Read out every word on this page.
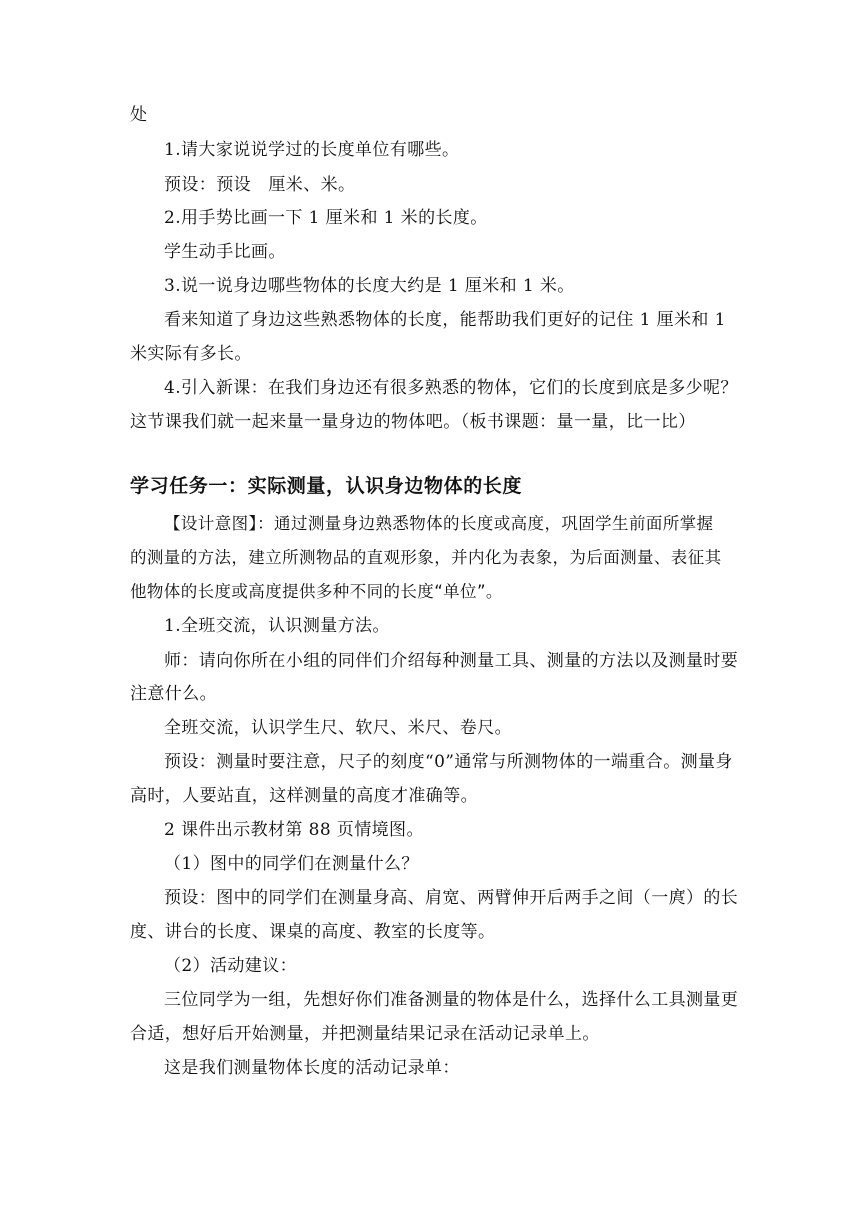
处
1.请大家说说学过的长度单位有哪些。
预设：预设　厘米、米。
2.用手势比画一下 1 厘米和 1 米的长度。
学生动手比画。
3.说一说身边哪些物体的长度大约是 1 厘米和 1 米。
看来知道了身边这些熟悉物体的长度，能帮助我们更好的记住 1 厘米和 1
米实际有多长。
4.引入新课：在我们身边还有很多熟悉的物体，它们的长度到底是多少呢？
这节课我们就一起来量一量身边的物体吧。（板书课题：量一量，比一比）
学习任务一：实际测量，认识身边物体的长度
【设计意图】：通过测量身边熟悉物体的长度或高度，巩固学生前面所掌握
的测量的方法，建立所测物品的直观形象，并内化为表象，为后面测量、表征其
他物体的长度或高度提供多种不同的长度“单位”。
1.全班交流，认识测量方法。
师：请向你所在小组的同伴们介绍每种测量工具、测量的方法以及测量时要
注意什么。
全班交流，认识学生尺、软尺、米尺、卷尺。
预设：测量时要注意，尺子的刻度“0”通常与所测物体的一端重合。测量身
高时，人要站直，这样测量的高度才准确等。
2 课件出示教材第 88 页情境图。
（1）图中的同学们在测量什么？
预设：图中的同学们在测量身高、肩宽、两臂伸开后两手之间（一庹）的长
度、讲台的长度、课桌的高度、教室的长度等。
（2）活动建议：
三位同学为一组，先想好你们准备测量的物体是什么，选择什么工具测量更
合适，想好后开始测量，并把测量结果记录在活动记录单上。
这是我们测量物体长度的活动记录单：
